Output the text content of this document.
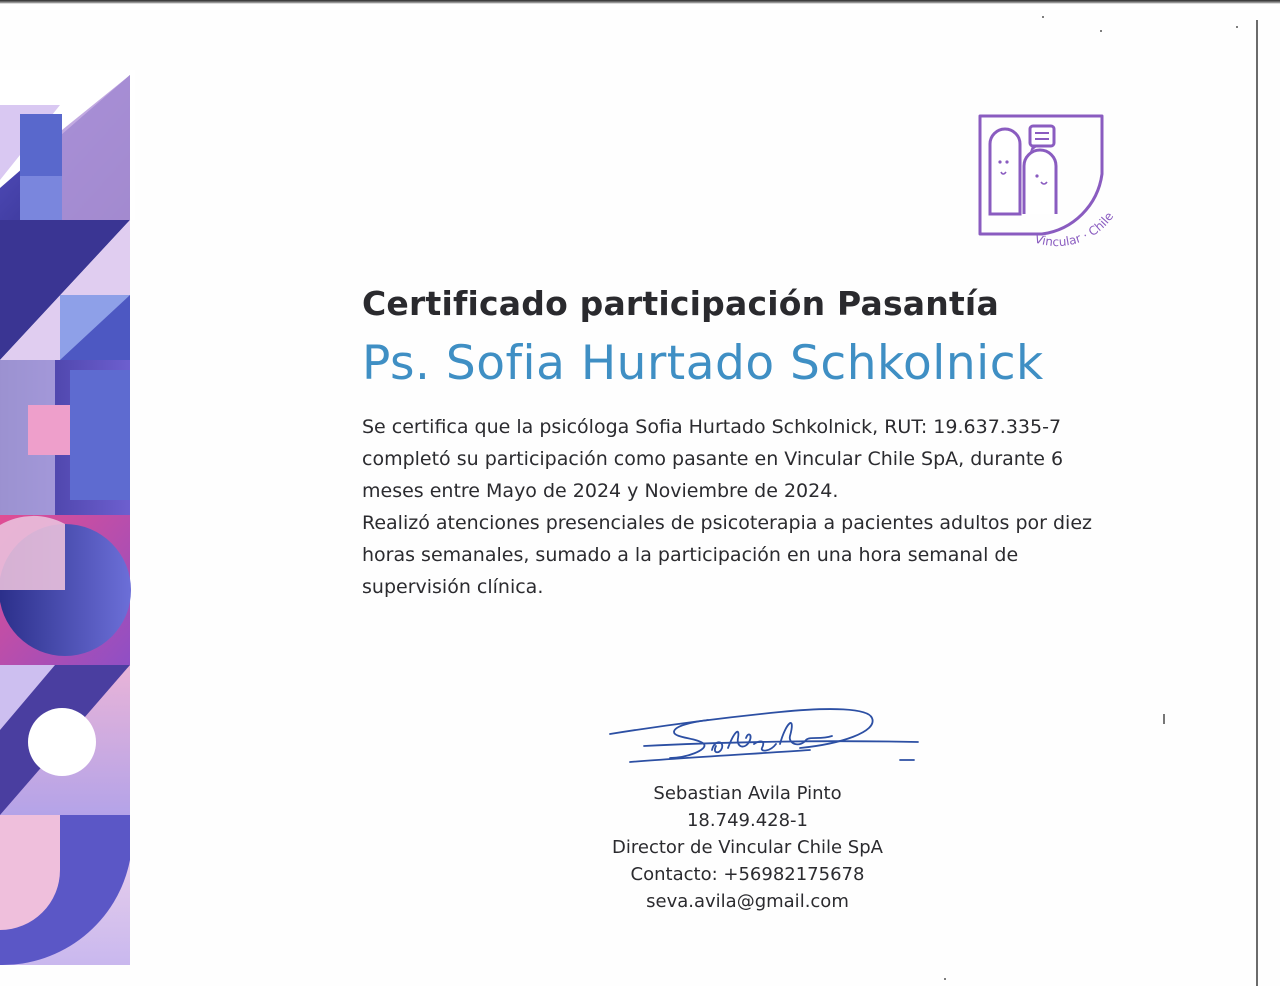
Vincular · Chile
Certificado participación Pasantía
Ps. Sofia Hurtado Schkolnick

Se certifica que la psicóloga Sofia Hurtado Schkolnick, RUT: 19.637.335-7

completó su participación como pasante en Vincular Chile SpA, durante 6

meses entre Mayo de 2024 y Noviembre de 2024.

Realizó atenciones presenciales de psicoterapia a pacientes adultos por diez

horas semanales, sumado a la participación en una hora semanal de

supervisión clínica.

Sebastian Avila Pinto
18.749.428-1
Director de Vincular Chile SpA
Contacto: +56982175678
seva.avila@gmail.com
